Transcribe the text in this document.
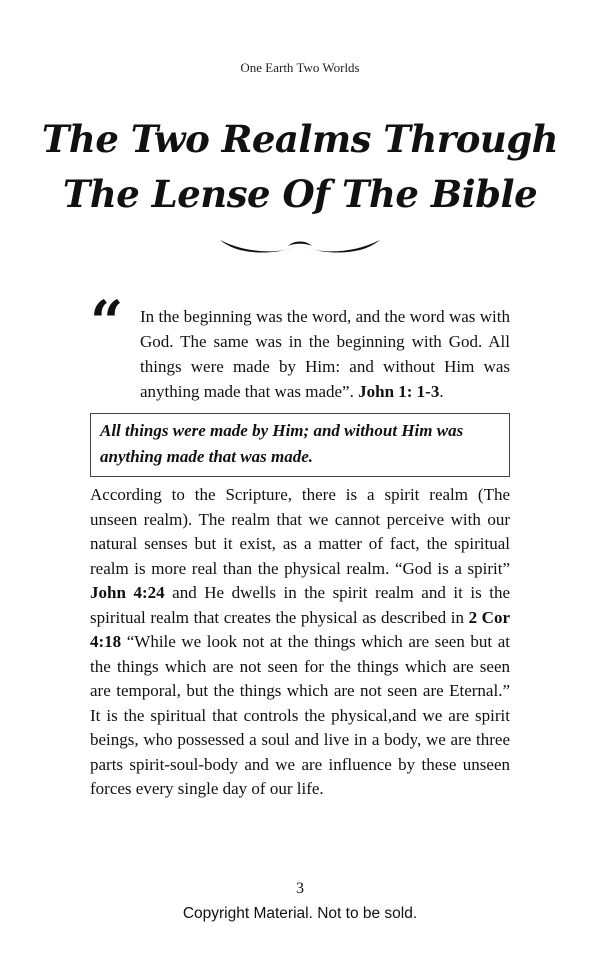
One Earth Two Worlds
The Two Realms Through
The Lense Of The Bible
“ In the beginning was the word, and the word was with God. The same was in the beginning with God. All things were made by Him: and without Him was anything made that was made”. John 1: 1-3.
All things were made by Him; and without Him was anything made that was made.
According to the Scripture, there is a spirit realm (The unseen realm). The realm that we cannot perceive with our natural senses but it exist, as a matter of fact, the spiritual realm is more real than the physical realm. “God is a spirit” John 4:24 and He dwells in the spirit realm and it is the spiritual realm that creates the physical as described in 2 Cor 4:18 “While we look not at the things which are seen but at the things which are not seen for the things which are seen are temporal, but the things which are not seen are Eternal.” It is the spiritual that controls the physical,and we are spirit beings, who possessed a soul and live in a body, we are three parts spirit-soul-body and we are influence by these unseen forces every single day of our life.
3
Copyright Material. Not to be sold.
